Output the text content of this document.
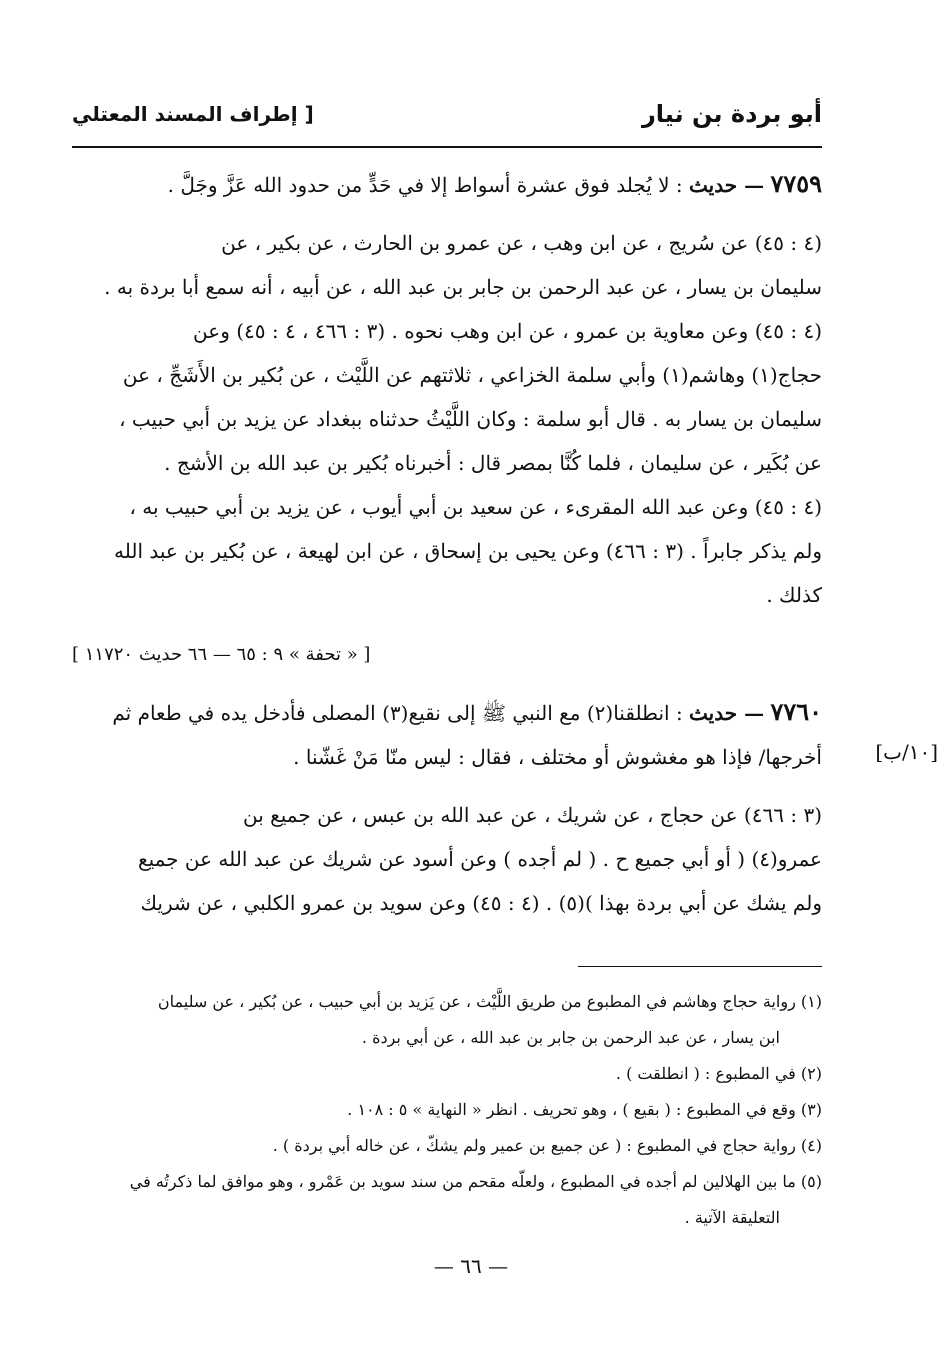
أبو بردة بن نيار
[ إطراف المسند المعتلي

٧٧٥٩ — حديث : لا يُجلد فوق عشرة أسواط إلا في حَدٍّ من حدود الله عَزَّ وجَلَّ .

(٤ : ٤٥) عن سُريج ، عن ابن وهب ، عن عمرو بن الحارث ، عن بكير ، عن

سليمان بن يسار ، عن عبد الرحمن بن جابر بن عبد الله ، عن أبيه ، أنه سمع أبا بردة به .

(٤ : ٤٥) وعن معاوية بن عمرو ، عن ابن وهب نحوه . (٣ : ٤٦٦ ، ٤ : ٤٥) وعن

حجاج(١) وهاشم(١) وأبي سلمة الخزاعي ، ثلاثتهم عن اللَّيْث ، عن بُكير بن الأَشَجِّ ، عن

سليمان بن يسار به . قال أبو سلمة : وكان اللَّيْثُ حدثناه ببغداد عن يزيد بن أبي حبيب ،

عن بُكَير ، عن سليمان ، فلما كُنَّا بمصر قال : أخبرناه بُكير بن عبد الله بن الأشج .

(٤ : ٤٥) وعن عبد الله المقرىء ، عن سعيد بن أبي أيوب ، عن يزيد بن أبي حبيب به ،

ولم يذكر جابراً . (٣ : ٤٦٦) وعن يحيى بن إسحاق ، عن ابن لهيعة ، عن بُكير بن عبد الله

كذلك .

[ « تحفة » ٩ : ٦٥ — ٦٦ حديث ١١٧٢٠ ]

٧٧٦٠ — حديث : انطلقنا(٢) مع النبي ﷺ إلى نقيع(٣) المصلى فأدخل يده في طعام ثم

أخرجها/ فإذا هو مغشوش أو مختلف ، فقال : ليس منّا مَنْ غَشّنا .

(٣ : ٤٦٦) عن حجاج ، عن شريك ، عن عبد الله بن عبس ، عن جميع بن

عمرو(٤) ( أو أبي جميع ح . ( لم أجده ) وعن أسود عن شريك عن عبد الله عن جميع

ولم يشك عن أبي بردة بهذا )(٥) . (٤ : ٤٥) وعن سويد بن عمرو الكلبي ، عن شريك

[١٠/ب]

(١) رواية حجاج وهاشم في المطبوع من طريق اللَّيْث ، عن يَزيد بن أبي حبيب ، عن بُكير ، عن سليمان

ابن يسار ، عن عبد الرحمن بن جابر بن عبد الله ، عن أبي بردة .

(٢) في المطبوع : ( انطلقت ) .

(٣) وقع في المطبوع : ( بقيع ) ، وهو تحريف . انظر « النهاية » ٥ : ١٠٨ .

(٤) رواية حجاج في المطبوع : ( عن جميع بن عمير ولم يشكّ ، عن خاله أبي بردة ) .

(٥) ما بين الهلالين لم أجده في المطبوع ، ولعلّه مقحم من سند سويد بن عَمْرو ، وهو موافق لما ذكرتُه في

التعليقة الآتية .

— ٦٦ —
